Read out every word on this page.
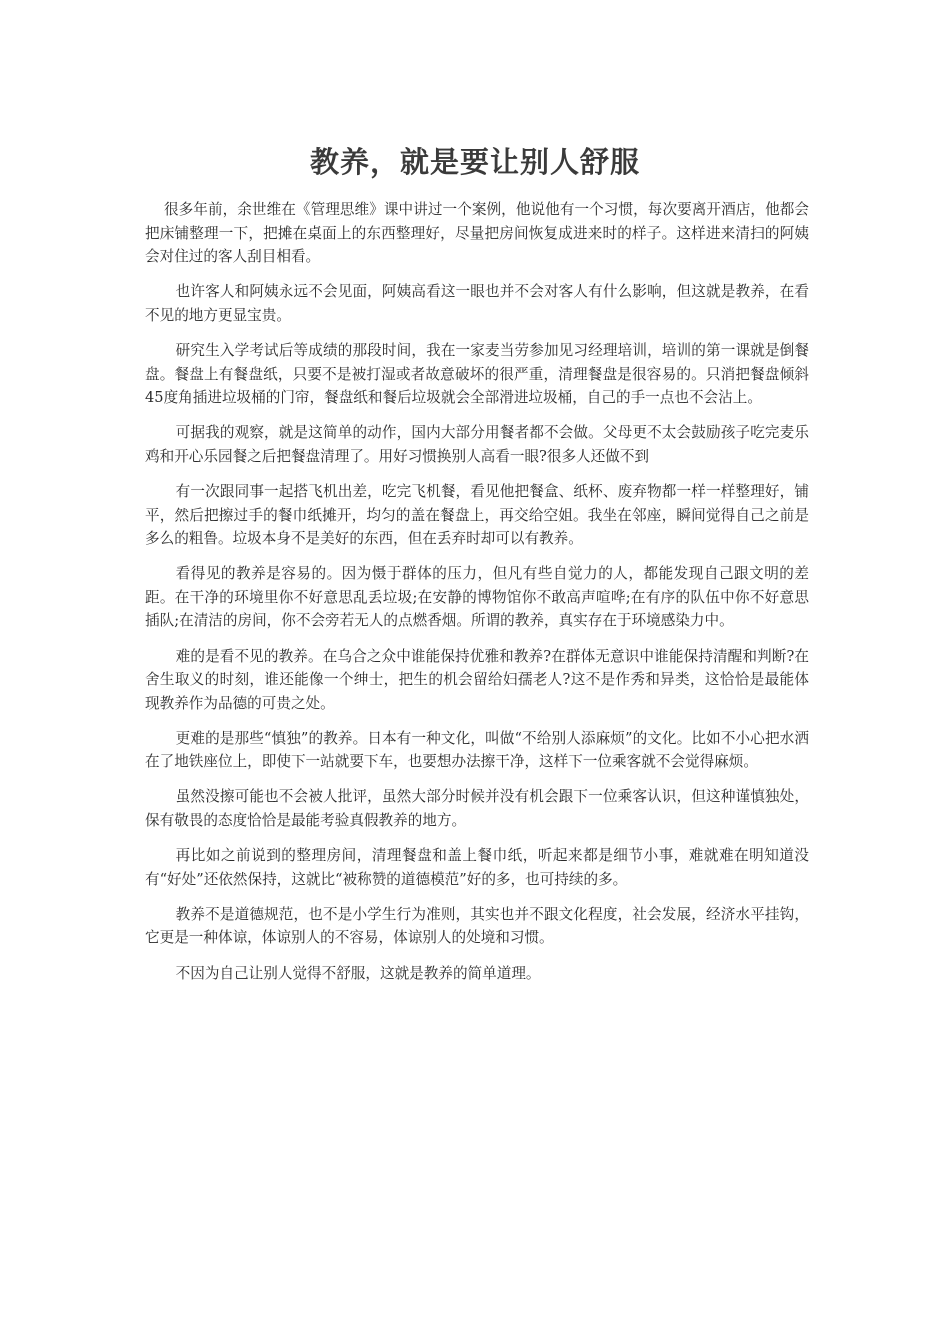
教养，就是要让别人舒服

很多年前，余世维在《管理思维》课中讲过一个案例，他说他有一个习惯，每次要离开酒店，他都会把床铺整理一下，把摊在桌面上的东西整理好，尽量把房间恢复成进来时的样子。这样进来清扫的阿姨会对住过的客人刮目相看。

也许客人和阿姨永远不会见面，阿姨高看这一眼也并不会对客人有什么影响，但这就是教养，在看不见的地方更显宝贵。

研究生入学考试后等成绩的那段时间，我在一家麦当劳参加见习经理培训，培训的第一课就是倒餐盘。餐盘上有餐盘纸，只要不是被打湿或者故意破坏的很严重，清理餐盘是很容易的。只消把餐盘倾斜45度角插进垃圾桶的门帘，餐盘纸和餐后垃圾就会全部滑进垃圾桶，自己的手一点也不会沾上。

可据我的观察，就是这简单的动作，国内大部分用餐者都不会做。父母更不太会鼓励孩子吃完麦乐鸡和开心乐园餐之后把餐盘清理了。用好习惯换别人高看一眼?很多人还做不到

有一次跟同事一起搭飞机出差，吃完飞机餐，看见他把餐盒、纸杯、废弃物都一样一样整理好，铺平，然后把擦过手的餐巾纸摊开，均匀的盖在餐盘上，再交给空姐。我坐在邻座，瞬间觉得自己之前是多么的粗鲁。垃圾本身不是美好的东西，但在丢弃时却可以有教养。

看得见的教养是容易的。因为慑于群体的压力，但凡有些自觉力的人，都能发现自己跟文明的差距。在干净的环境里你不好意思乱丢垃圾;在安静的博物馆你不敢高声喧哗;在有序的队伍中你不好意思插队;在清洁的房间，你不会旁若无人的点燃香烟。所谓的教养，真实存在于环境感染力中。

难的是看不见的教养。在乌合之众中谁能保持优雅和教养?在群体无意识中谁能保持清醒和判断?在舍生取义的时刻，谁还能像一个绅士，把生的机会留给妇孺老人?这不是作秀和异类，这恰恰是最能体现教养作为品德的可贵之处。

更难的是那些“慎独”的教养。日本有一种文化，叫做“不给别人添麻烦”的文化。比如不小心把水洒在了地铁座位上，即使下一站就要下车，也要想办法擦干净，这样下一位乘客就不会觉得麻烦。

虽然没擦可能也不会被人批评，虽然大部分时候并没有机会跟下一位乘客认识，但这种谨慎独处，保有敬畏的态度恰恰是最能考验真假教养的地方。

再比如之前说到的整理房间，清理餐盘和盖上餐巾纸，听起来都是细节小事，难就难在明知道没有“好处”还依然保持，这就比“被称赞的道德模范”好的多，也可持续的多。

教养不是道德规范，也不是小学生行为准则，其实也并不跟文化程度，社会发展，经济水平挂钩，它更是一种体谅，体谅别人的不容易，体谅别人的处境和习惯。

不因为自己让别人觉得不舒服，这就是教养的简单道理。
